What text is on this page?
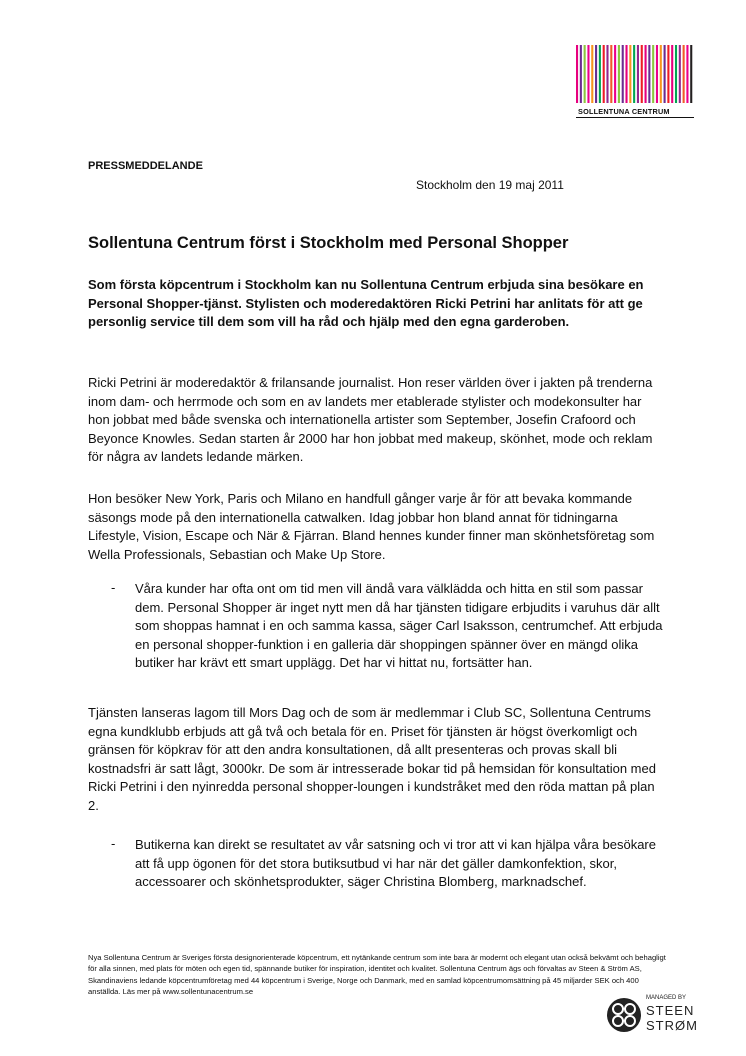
SOLLENTUNA CENTRUM
PRESSMEDDELANDE
Stockholm den 19 maj 2011
Sollentuna Centrum först i Stockholm med Personal Shopper

Som första köpcentrum i Stockholm kan nu Sollentuna Centrum erbjuda sina besökare en Personal Shopper-tjänst. Stylisten och moderedaktören Ricki Petrini har anlitats för att ge personlig service till dem som vill ha råd och hjälp med den egna garderoben.

Ricki Petrini är moderedaktör & frilansande journalist. Hon reser världen över i jakten på trenderna inom dam- och herrmode och som en av landets mer etablerade stylister och modekonsulter har hon jobbat med både svenska och internationella artister som September, Josefin Crafoord och Beyonce Knowles. Sedan starten år 2000 har hon jobbat med makeup, skönhet, mode och reklam för några av landets ledande märken.

Hon besöker New York, Paris och Milano en handfull gånger varje år för att bevaka kommande säsongs mode på den internationella catwalken. Idag jobbar hon bland annat för tidningarna Lifestyle, Vision, Escape och När & Fjärran. Bland hennes kunder finner man skönhetsföretag som Wella Professionals, Sebastian och Make Up Store.

- Våra kunder har ofta ont om tid men vill ändå vara välklädda och hitta en stil som passar dem. Personal Shopper är inget nytt men då har tjänsten tidigare erbjudits i varuhus där allt som shoppas hamnat i en och samma kassa, säger Carl Isaksson, centrumchef. Att erbjuda en personal shopper-funktion i en galleria där shoppingen spänner över en mängd olika butiker har krävt ett smart upplägg. Det har vi hittat nu, fortsätter han.

Tjänsten lanseras lagom till Mors Dag och de som är medlemmar i Club SC, Sollentuna Centrums egna kundklubb erbjuds att gå två och betala för en. Priset för tjänsten är högst överkomligt och gränsen för köpkrav för att den andra konsultationen, då allt presenteras och provas skall bli kostnadsfri är satt lågt, 3000kr. De som är intresserade bokar tid på hemsidan för konsultation med Ricki Petrini i den nyinredda personal shopper-loungen i kundstråket med den röda mattan på plan 2.

- Butikerna kan direkt se resultatet av vår satsning och vi tror att vi kan hjälpa våra besökare att få upp ögonen för det stora butiksutbud vi har när det gäller damkonfektion, skor, accessoarer och skönhetsprodukter, säger Christina Blomberg, marknadschef.

Nya Sollentuna Centrum är Sveriges första designorienterade köpcentrum, ett nytänkande centrum som inte bara är modernt och elegant utan också bekvämt och behagligt för alla sinnen, med plats för möten och egen tid, spännande butiker för inspiration, identitet och kvalitet. Sollentuna Centrum ägs och förvaltas av Steen & Ström AS, Skandinaviens ledande köpcentrumföretag med 44 köpcentrum i Sverige, Norge och Danmark, med en samlad köpcentrumomsättning på 45 miljarder SEK och 400 anställda. Läs mer på www.sollentunacentrum.se

MANAGED BY
STEEN
STRØM
